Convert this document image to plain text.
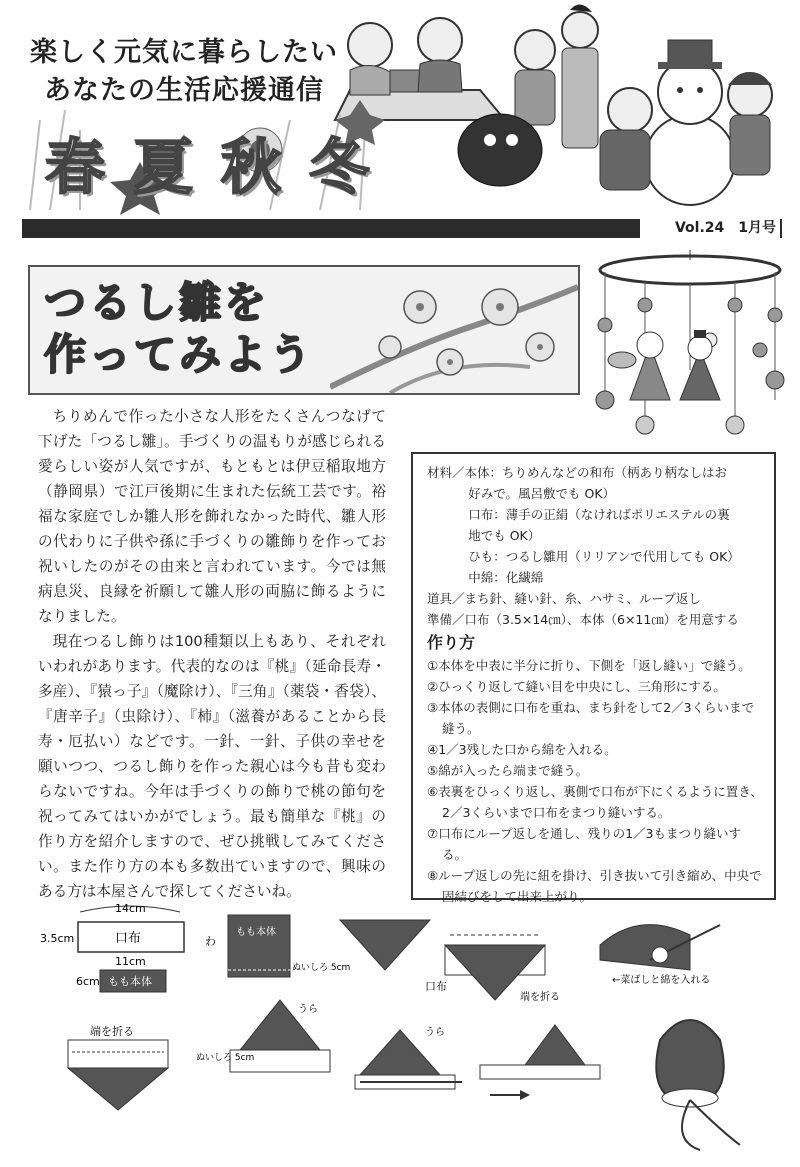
楽しく元気に暮らしたい
あなたの生活応援通信
春夏秋冬
Vol.24　1月号
つるし雛を
作ってみよう

ちりめんで作った小さな人形をたくさんつなげて下げた「つるし雛」。手づくりの温もりが感じられる愛らしい姿が人気ですが、もともとは伊豆稲取地方（静岡県）で江戸後期に生まれた伝統工芸です。裕福な家庭でしか雛人形を飾れなかった時代、雛人形の代わりに子供や孫に手づくりの雛飾りを作ってお祝いしたのがその由来と言われています。今では無病息災、良縁を祈願して雛人形の両脇に飾るようになりました。

現在つるし飾りは100種類以上もあり、それぞれいわれがあります。代表的なのは『桃』（延命長寿・多産）、『猿っ子』（魔除け）、『三角』（薬袋・香袋）、『唐辛子』（虫除け）、『柿』（滋養があることから長寿・厄払い）などです。一針、一針、子供の幸せを願いつつ、つるし飾りを作った親心は今も昔も変わらないですね。今年は手づくりの飾りで桃の節句を祝ってみてはいかがでしょう。最も簡単な『桃』の作り方を紹介しますので、ぜひ挑戦してみてください。また作り方の本も多数出ていますので、興味のある方は本屋さんで探してくださいね。

材料／本体：ちりめんなどの和布（柄あり柄なしはお
好みで。風呂敷でも OK）
口布：薄手の正絹（なければポリエステルの裏
地でも OK）
ひも：つるし雛用（リリアンで代用しても OK）
中綿：化繊綿
道具／まち針、縫い針、糸、ハサミ、ループ返し
準備／口布（3.5×14㎝）、本体（6×11㎝）を用意する
作り方
①本体を中表に半分に折り、下側を「返し縫い」で縫う。
②ひっくり返して縫い目を中央にし、三角形にする。
③本体の表側に口布を重ね、まち針をして2／3くらいまで縫う。
④1／3残した口から綿を入れる。
⑤綿が入ったら端まで縫う。
⑥表裏をひっくり返し、裏側で口布が下にくるように置き、2／3くらいまで口布をまつり縫いする。
⑦口布にループ返しを通し、残りの1／3もまつり縫いする。
⑧ループ返しの先に紐を掛け、引き抜いて引き縮め、中央で固結びをして出来上がり。
14cm
3.5cm	口布
11cm
6cm もも本体
わ
もも本体
ぬいしろ 5cm
口布
端を折る
←菜ばしと綿を入れる
端を折る
うら
ぬいしろ 5cm
うら
